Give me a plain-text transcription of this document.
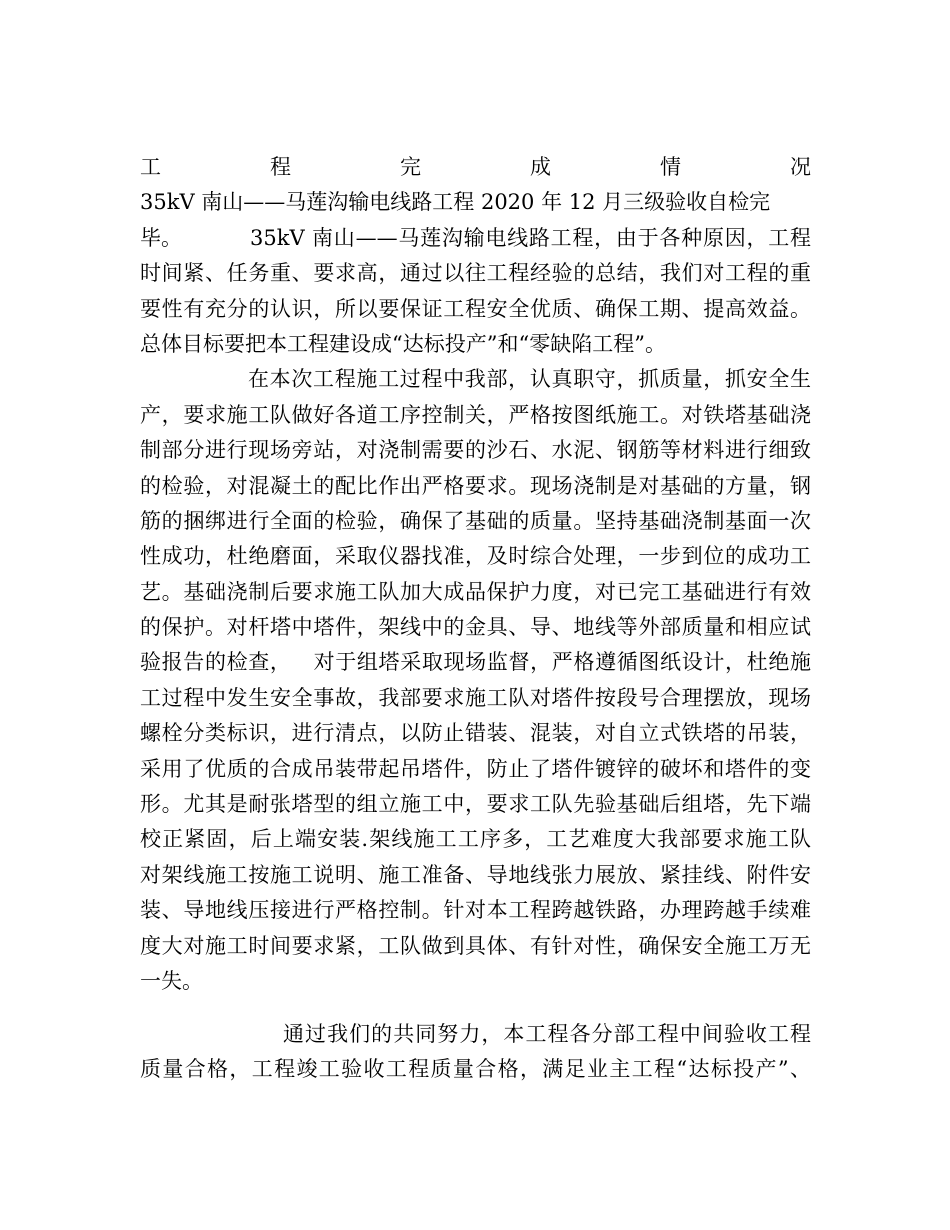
工程完成情况
35kV 南山——马莲沟输电线路工程 2020 年 12 月三级验收自检完毕。	35kV 南山——马莲沟输电线路工程，由于各种原因，工程
时间紧、任务重、要求高，通过以往工程经验的总结，我们对工程的重
要性有充分的认识，所以要保证工程安全优质、确保工期、提高效益。
总体目标要把本工程建设成“达标投产”和“零缺陷工程”。
在本次工程施工过程中我部，认真职守，抓质量，抓安全生
产，要求施工队做好各道工序控制关，严格按图纸施工。对铁塔基础浇
制部分进行现场旁站，对浇制需要的沙石、水泥、钢筋等材料进行细致
的检验，对混凝土的配比作出严格要求。现场浇制是对基础的方量，钢
筋的捆绑进行全面的检验，确保了基础的质量。坚持基础浇制基面一次
性成功，杜绝磨面，采取仪器找准，及时综合处理，一步到位的成功工
艺。基础浇制后要求施工队加大成品保护力度，对已完工基础进行有效
的保护。对杆塔中塔件，架线中的金具、导、地线等外部质量和相应试
验报告的检查，   对于组塔采取现场监督，严格遵循图纸设计，杜绝施
工过程中发生安全事故，我部要求施工队对塔件按段号合理摆放，现场
螺栓分类标识，进行清点，以防止错装、混装，对自立式铁塔的吊装，
采用了优质的合成吊装带起吊塔件，防止了塔件镀锌的破坏和塔件的变
形。尤其是耐张塔型的组立施工中，要求工队先验基础后组塔，先下端
校正紧固，后上端安装.架线施工工序多，工艺难度大我部要求施工队
对架线施工按施工说明、施工准备、导地线张力展放、紧挂线、附件安
装、导地线压接进行严格控制。针对本工程跨越铁路，办理跨越手续难
度大对施工时间要求紧，工队做到具体、有针对性，确保安全施工万无
一失。
通过我们的共同努力，本工程各分部工程中间验收工程
质量合格，工程竣工验收工程质量合格，满足业主工程“达标投产”、
